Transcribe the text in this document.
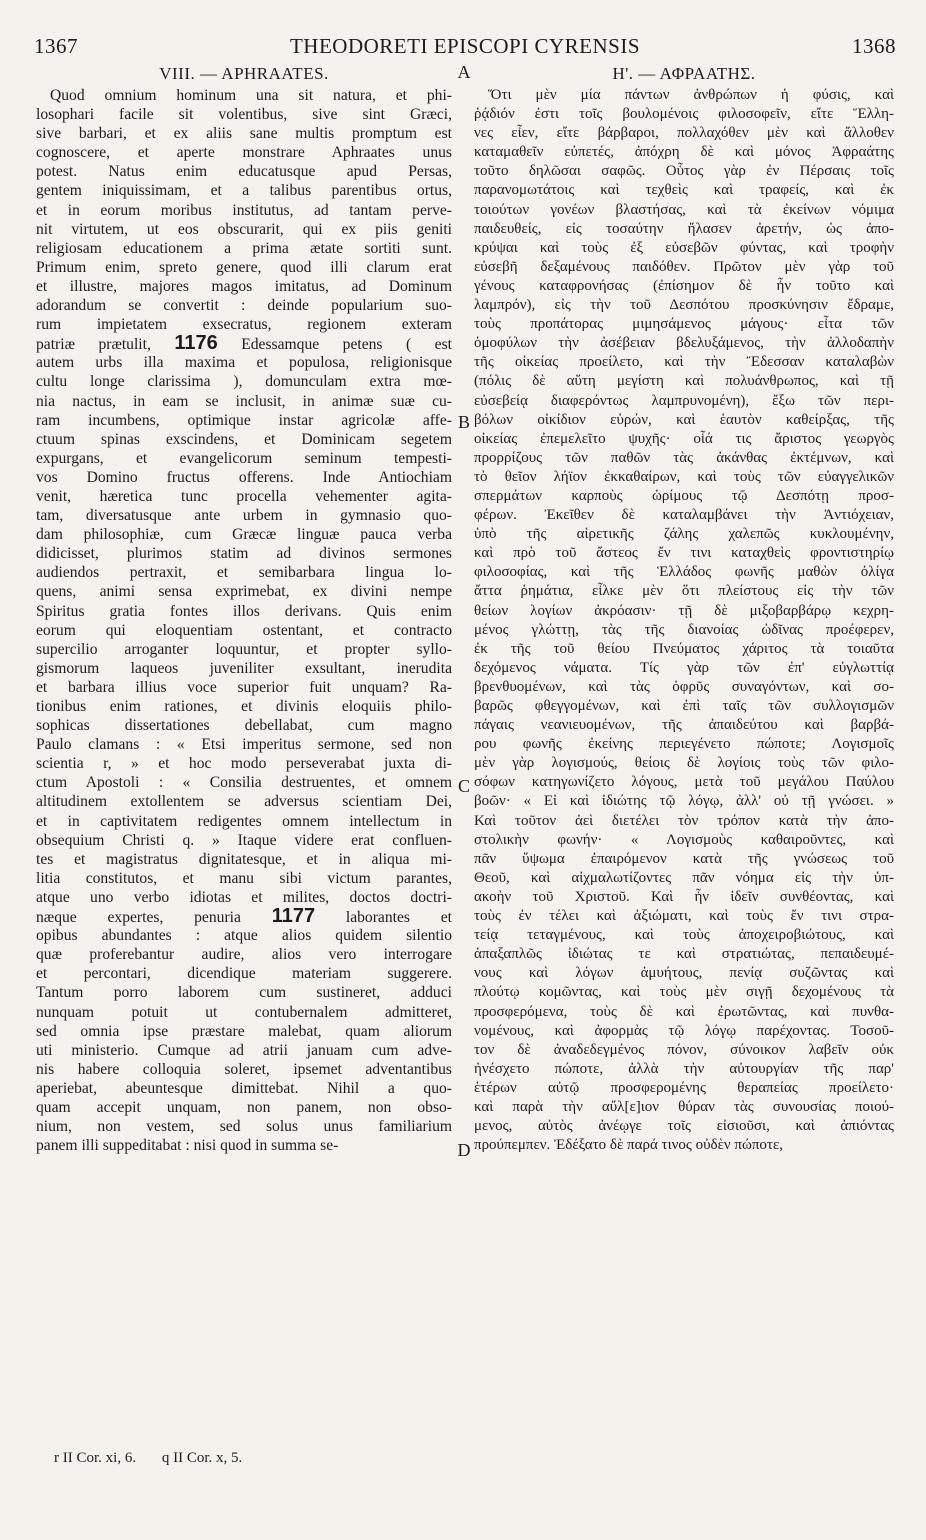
1367	THEODORETI EPISCOPI CYRENSIS	1368
VIII. — APHRAATES.
Quod omnium hominum una sit natura, et phi-
losophari facile sit volentibus, sive sint Græci,
sive barbari, et ex aliis sane multis promptum est
cognoscere, et aperte monstrare Aphraates unus
potest. Natus enim educatusque apud Persas,
gentem iniquissimam, et a talibus parentibus ortus,
et in eorum moribus institutus, ad tantam perve-
nit virtutem, ut eos obscurarit, qui ex piis geniti
religiosam educationem a prima ætate sortiti sunt.
Primum enim, spreto genere, quod illi clarum erat
et illustre, majores magos imitatus, ad Dominum
adorandum se convertit : deinde popularium suo-
rum impietatem exsecratus, regionem exteram
patriæ prætulit, 1176 Edessamque petens ( est
autem urbs illa maxima et populosa, religionisque
cultu longe clarissima ), domunculam extra mœ-
nia nactus, in eam se inclusit, in animæ suæ cu-
ram incumbens, optimique instar agricolæ affe-
ctuum spinas exscindens, et Dominicam segetem
expurgans, et evangelicorum seminum tempesti-
vos Domino fructus offerens. Inde Antiochiam
venit, hæretica tunc procella vehementer agita-
tam, diversatusque ante urbem in gymnasio quo-
dam philosophiæ, cum Græcæ linguæ pauca verba
didicisset, plurimos statim ad divinos sermones
audiendos pertraxit, et semibarbara lingua lo-
quens, animi sensa exprimebat, ex divini nempe
Spiritus gratia fontes illos derivans. Quis enim
eorum qui eloquentiam ostentant, et contracto
supercilio arroganter loquuntur, et propter syllo-
gismorum laqueos juveniliter exsultant, inerudita
et barbara illius voce superior fuit unquam? Ra-
tionibus enim rationes, et divinis eloquiis philo-
sophicas dissertationes debellabat, cum magno
Paulo clamans : « Etsi imperitus sermone, sed non
scientia r, » et hoc modo perseverabat juxta di-
ctum Apostoli : « Consilia destruentes, et omnem
altitudinem extollentem se adversus scientiam Dei,
et in captivitatem redigentes omnem intellectum in
obsequium Christi q. » Itaque videre erat confluen-
tes et magistratus dignitatesque, et in aliqua mi-
litia constitutos, et manu sibi victum parantes,
atque uno verbo idiotas et milites, doctos doctri-
næque expertes, penuria 1177 laborantes et
opibus abundantes : atque alios quidem silentio
quæ proferebantur audire, alios vero interrogare
et percontari, dicendique materiam suggerere.
Tantum porro laborem cum sustineret, adduci
nunquam potuit ut contubernalem admitteret,
sed omnia ipse præstare malebat, quam aliorum
uti ministerio. Cumque ad atrii januam cum adve-
nis habere colloquia soleret, ipsemet adventantibus
aperiebat, abeuntesque dimittebat. Nihil a quo-
quam accepit unquam, non panem, non obso-
nium, non vestem, sed solus unus familiarium
panem illi suppeditabat : nisi quod in summa se-
Η'. — ΑΦΡΑΑΤΗΣ.
Ὅτι μὲν μία πάντων ἀνθρώπων ἡ φύσις, καὶ
ῥᾴδιόν ἐστι τοῖς βουλομένοις φιλοσοφεῖν, εἴτε Ἕλλη-
νες εἶεν, εἴτε βάρβαροι, πολλαχόθεν μὲν καὶ ἄλλοθεν
καταμαθεῖν εὐπετές, ἀπόχρη δὲ καὶ μόνος Ἀφραάτης
τοῦτο δηλῶσαι σαφῶς. Οὗτος γὰρ ἐν Πέρσαις τοῖς
παρανομωτάτοις καὶ τεχθεὶς καὶ τραφείς, καὶ ἐκ
τοιούτων γονέων βλαστήσας, καὶ τὰ ἐκείνων νόμιμα
παιδευθείς, εἰς τοσαύτην ἤλασεν ἀρετήν, ὡς ἀπο-
κρύψαι καὶ τοὺς ἐξ εὐσεβῶν φύντας, καὶ τροφὴν
εὐσεβῆ δεξαμένους παιδόθεν. Πρῶτον μὲν γὰρ τοῦ
γένους καταφρονήσας (ἐπίσημον δὲ ἦν τοῦτο καὶ
λαμπρόν), εἰς τὴν τοῦ Δεσπότου προσκύνησιν ἔδραμε,
τοὺς προπάτορας μιμησάμενος μάγους· εἶτα τῶν
ὁμοφύλων τὴν ἀσέβειαν βδελυξάμενος, τὴν ἀλλοδαπὴν
τῆς οἰκείας προείλετο, καὶ τὴν Ἔδεσσαν καταλαβὼν
(πόλις δὲ αὕτη μεγίστη καὶ πολυάνθρωπος, καὶ τῇ
εὐσεβείᾳ διαφερόντως λαμπρυνομένη), ἔξω τῶν περι-
βόλων οἰκίδιον εὑρών, καὶ ἑαυτὸν καθείρξας, τῆς
οἰκείας ἐπεμελεῖτο ψυχῆς· οἷά τις ἄριστος γεωργὸς
προρρίζους τῶν παθῶν τὰς ἀκάνθας ἐκτέμνων, καὶ
τὸ θεῖον λήϊον ἐκκαθαίρων, καὶ τοὺς τῶν εὐαγγελικῶν
σπερμάτων καρποὺς ὡρίμους τῷ Δεσπότῃ προσ-
φέρων. Ἐκεῖθεν δὲ καταλαμβάνει τὴν Ἀντιόχειαν,
ὑπὸ τῆς αἱρετικῆς ζάλης χαλεπῶς κυκλουμένην,
καὶ πρὸ τοῦ ἄστεος ἔν τινι καταχθεὶς φροντιστηρίῳ
φιλοσοφίας, καὶ τῆς Ἑλλάδος φωνῆς μαθὼν ὀλίγα
ἄττα ῥημάτια, εἶλκε μὲν ὅτι πλείστους εἰς τὴν τῶν
θείων λογίων ἀκρόασιν· τῇ δὲ μιξοβαρβάρῳ κεχρη-
μένος γλώττῃ, τὰς τῆς διανοίας ὠδῖνας προέφερεν,
ἐκ τῆς τοῦ θείου Πνεύματος χάριτος τὰ τοιαῦτα
δεχόμενος νάματα. Τίς γὰρ τῶν ἐπ' εὐγλωττίᾳ
βρενθυομένων, καὶ τὰς ὀφρῦς συναγόντων, καὶ σο-
βαρῶς φθεγγομένων, καὶ ἐπὶ ταῖς τῶν συλλογισμῶν
πάγαις νεανιευομένων, τῆς ἀπαιδεύτου καὶ βαρβά-
ρου φωνῆς ἐκείνης περιεγένετο πώποτε; Λογισμοῖς
μὲν γὰρ λογισμούς, θείοις δὲ λογίοις τοὺς τῶν φιλο-
σόφων κατηγωνίζετο λόγους, μετὰ τοῦ μεγάλου Παύλου
βοῶν· « Εἰ καὶ ἰδιώτης τῷ λόγῳ, ἀλλ' οὐ τῇ γνώσει. »
Καὶ τοῦτον ἀεὶ διετέλει τὸν τρόπον κατὰ τὴν ἀπο-
στολικὴν φωνήν· « Λογισμοὺς καθαιροῦντες, καὶ
πᾶν ὕψωμα ἐπαιρόμενον κατὰ τῆς γνώσεως τοῦ
Θεοῦ, καὶ αἰχμαλωτίζοντες πᾶν νόημα εἰς τὴν ὑπ-
ακοὴν τοῦ Χριστοῦ. Καὶ ἦν ἰδεῖν συνθέοντας, καὶ
τοὺς ἐν τέλει καὶ ἀξιώματι, καὶ τοὺς ἔν τινι στρα-
τείᾳ τεταγμένους, καὶ τοὺς ἀποχειροβιώτους, καὶ
ἁπαξαπλῶς ἰδιώτας τε καὶ στρατιώτας, πεπαιδευμέ-
νους καὶ λόγων ἀμυήτους, πενίᾳ συζῶντας καὶ
πλούτῳ κομῶντας, καὶ τοὺς μὲν σιγῇ δεχομένους τὰ
προσφερόμενα, τοὺς δὲ καὶ ἐρωτῶντας, καὶ πυνθα-
νομένους, καὶ ἀφορμὰς τῷ λόγῳ παρέχοντας. Τοσοῦ-
τον δὲ ἀναδεδεγμένος πόνον, σύνοικον λαβεῖν οὐκ
ἠνέσχετο πώποτε, ἀλλὰ τὴν αὐτουργίαν τῆς παρ'
ἑτέρων αὐτῷ προσφερομένης θεραπείας προείλετο·
καὶ παρὰ τὴν αὔλ[ε]ιον θύραν τὰς συνουσίας ποιού-
μενος, αὐτὸς ἀνέῳγε τοῖς εἰσιοῦσι, καὶ ἀπιόντας
προύπεμπεν. Ἐδέξατο δὲ παρά τινος οὐδὲν πώποτε,
A
B
C
D
r II Cor. xi, 6. q II Cor. x, 5.
